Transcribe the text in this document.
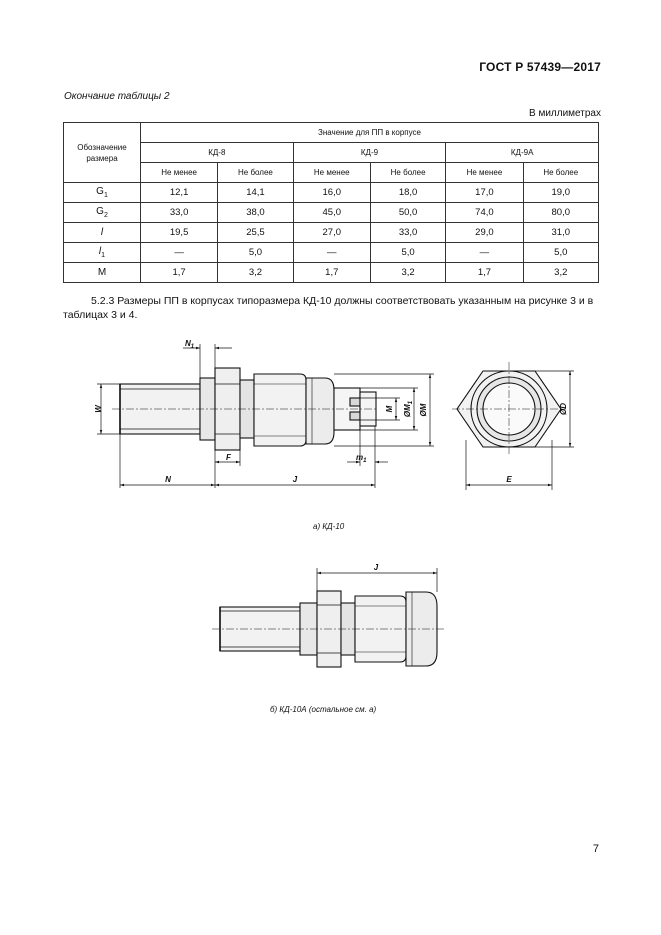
ГОСТ Р 57439—2017
Окончание таблицы 2
В миллиметрах
Обозначение размера	Значение для ПП в корпусе					
	КД-8		КД-9		КД-9А	
	Не менее	Не более	Не менее	Не более	Не менее	Не более
$G_1$	12,1	14,1	16,0	18,0	17,0	19,0
$G_2$	33,0	38,0	45,0	50,0	74,0	80,0
l	19,5	25,5	27,0	33,0	29,0	31,0
$l_1$	—	5,0	—	5,0	—	5,0
M	1,7	3,2	1,7	3,2	1,7	3,2
5.2.3 Размеры ПП в корпусах типоразмера КД-10 должны соответствовать указанным на рисунке 3 и в таблицах 3 и 4.
$N_1$
W
F
N	J
$m_1$
M $ØM_1$
ØM	ØD
E
J
а) КД-10
б) КД-10А (остальное см. а)
7
